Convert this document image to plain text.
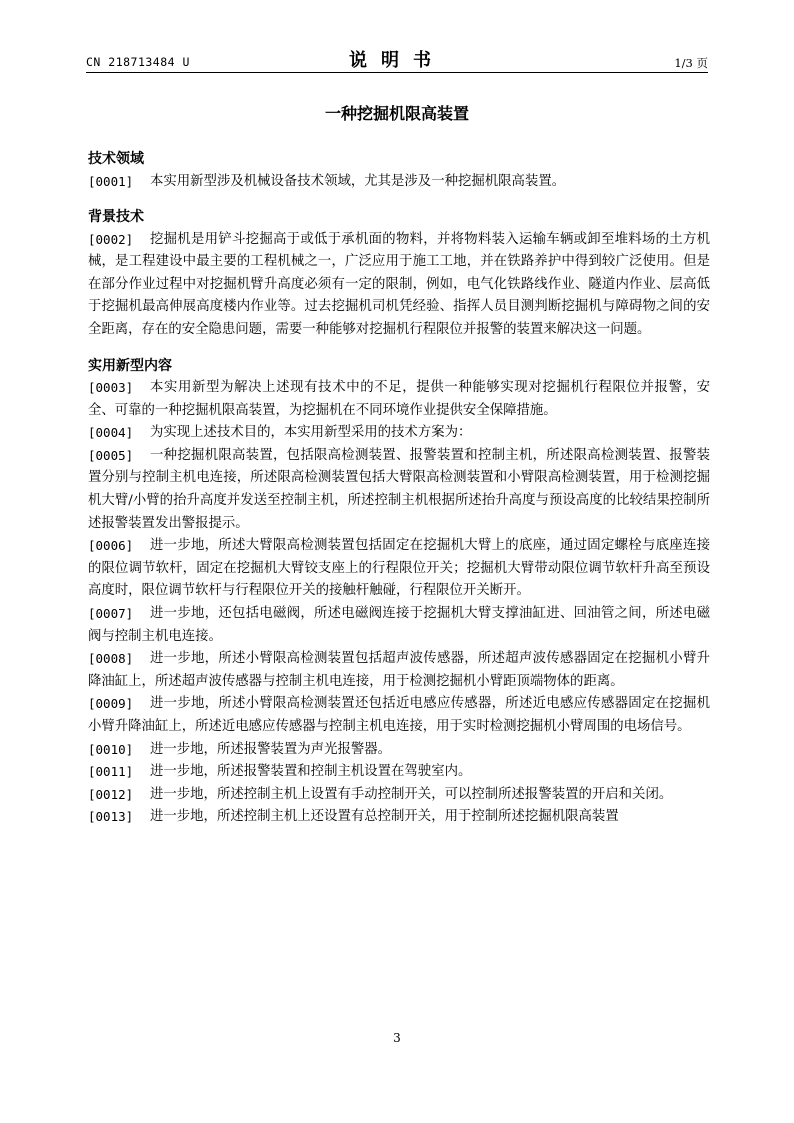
CN 218713484 U	说明书	1/3 页
一种挖掘机限高装置
技术领域
[0001] 本实用新型涉及机械设备技术领域，尤其是涉及一种挖掘机限高装置。
背景技术
[0002] 挖掘机是用铲斗挖掘高于或低于承机面的物料，并将物料装入运输车辆或卸至堆料场的土方机械，是工程建设中最主要的工程机械之一，广泛应用于施工工地，并在铁路养护中得到较广泛使用。但是在部分作业过程中对挖掘机臂升高度必须有一定的限制，例如，电气化铁路线作业、隧道内作业、层高低于挖掘机最高伸展高度楼内作业等。过去挖掘机司机凭经验、指挥人员目测判断挖掘机与障碍物之间的安全距离，存在的安全隐患问题，需要一种能够对挖掘机行程限位并报警的装置来解决这一问题。
实用新型内容
[0003] 本实用新型为解决上述现有技术中的不足，提供一种能够实现对挖掘机行程限位并报警，安全、可靠的一种挖掘机限高装置，为挖掘机在不同环境作业提供安全保障措施。
[0004] 为实现上述技术目的，本实用新型采用的技术方案为：
[0005] 一种挖掘机限高装置，包括限高检测装置、报警装置和控制主机，所述限高检测装置、报警装置分别与控制主机电连接，所述限高检测装置包括大臂限高检测装置和小臂限高检测装置，用于检测挖掘机大臂/小臂的抬升高度并发送至控制主机，所述控制主机根据所述抬升高度与预设高度的比较结果控制所述报警装置发出警报提示。
[0006] 进一步地，所述大臂限高检测装置包括固定在挖掘机大臂上的底座，通过固定螺栓与底座连接的限位调节软杆，固定在挖掘机大臂铰支座上的行程限位开关；挖掘机大臂带动限位调节软杆升高至预设高度时，限位调节软杆与行程限位开关的接触杆触碰，行程限位开关断开。
[0007] 进一步地，还包括电磁阀，所述电磁阀连接于挖掘机大臂支撑油缸进、回油管之间，所述电磁阀与控制主机电连接。
[0008] 进一步地，所述小臂限高检测装置包括超声波传感器，所述超声波传感器固定在挖掘机小臂升降油缸上，所述超声波传感器与控制主机电连接，用于检测挖掘机小臂距顶端物体的距离。
[0009] 进一步地，所述小臂限高检测装置还包括近电感应传感器，所述近电感应传感器固定在挖掘机小臂升降油缸上，所述近电感应传感器与控制主机电连接，用于实时检测挖掘机小臂周围的电场信号。
[0010] 进一步地，所述报警装置为声光报警器。
[0011] 进一步地，所述报警装置和控制主机设置在驾驶室内。
[0012] 进一步地，所述控制主机上设置有手动控制开关，可以控制所述报警装置的开启和关闭。
[0013] 进一步地，所述控制主机上还设置有总控制开关，用于控制所述挖掘机限高装置
3
